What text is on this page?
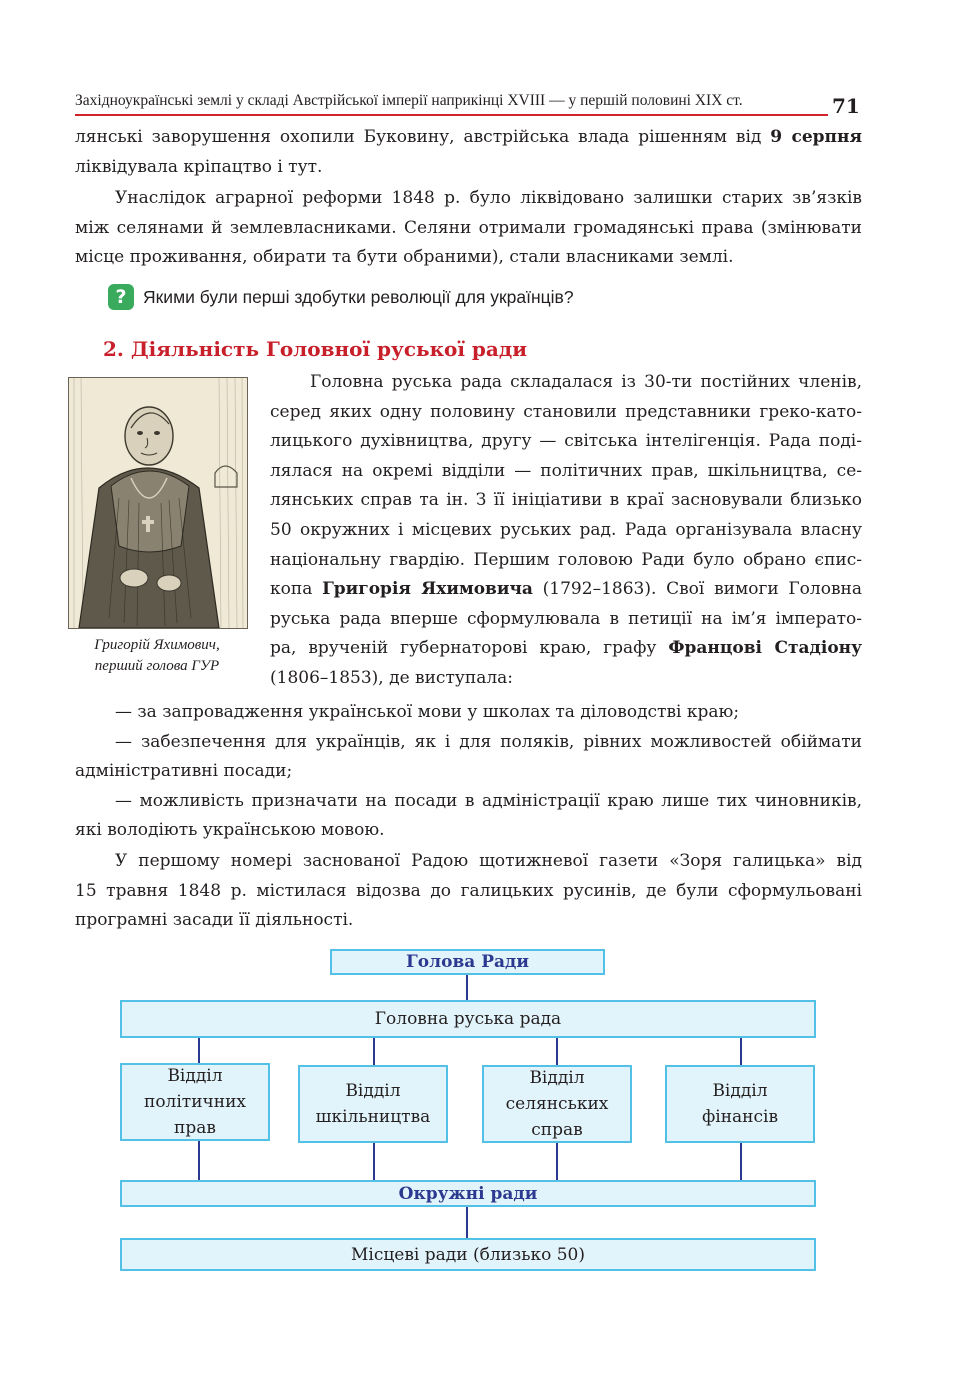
Західноукраїнські землі у складі Австрійської імперії наприкінці XVIII — у першій половині XIX ст.	71
лянські заворушення охопили Буковину, австрійська влада рішенням від 9 серпня
ліквідувала кріпацтво і тут.
Унаслідок аграрної реформи 1848 р. було ліквідовано залишки старих зв’язків
між селянами й землевласниками. Селяни отримали громадянські права (змінювати
місце проживання, обирати та бути обраними), стали власниками землі.
? Якими були перші здобутки революції для українців?
2. Діяльність Головної руської ради
Григорій Яхимович,
перший голова ГУР
Головна руська рада складалася із 30-ти постійних членів,
серед яких одну половину становили представники греко-като-
лицького духівництва, другу — світська інтелігенція. Рада поді-
лялася на окремі відділи — політичних прав, шкільництва, се-
лянських справ та ін. З її ініціативи в краї засновували близько
50 окружних і місцевих руських рад. Рада організувала власну
національну гвардію. Першим головою Ради було обрано єпис-
копа Григорія Яхимовича (1792–1863). Свої вимоги Головна
руська рада вперше сформулювала в петиції на ім’я імперато-
ра, врученій губернаторові краю, графу Францові Стадіону
(1806–1853), де виступала:
— за запровадження української мови у школах та діловодстві краю;
— забезпечення для українців, як і для поляків, рівних можливостей обіймати
адміністративні посади;
— можливість призначати на посади в адміністрації краю лише тих чиновників,
які володіють українською мовою.
У першому номері заснованої Радою щотижневої газети «Зоря галицька» від
15 травня 1848 р. містилася відозва до галицьких русинів, де були сформульовані
програмні засади її діяльності.
Голова Ради
Головна руська рада
Відділ
політичних
прав
Відділ
шкільництва
Відділ
селянських
справ
Відділ
фінансів
Окружні ради
Місцеві ради (близько 50)
